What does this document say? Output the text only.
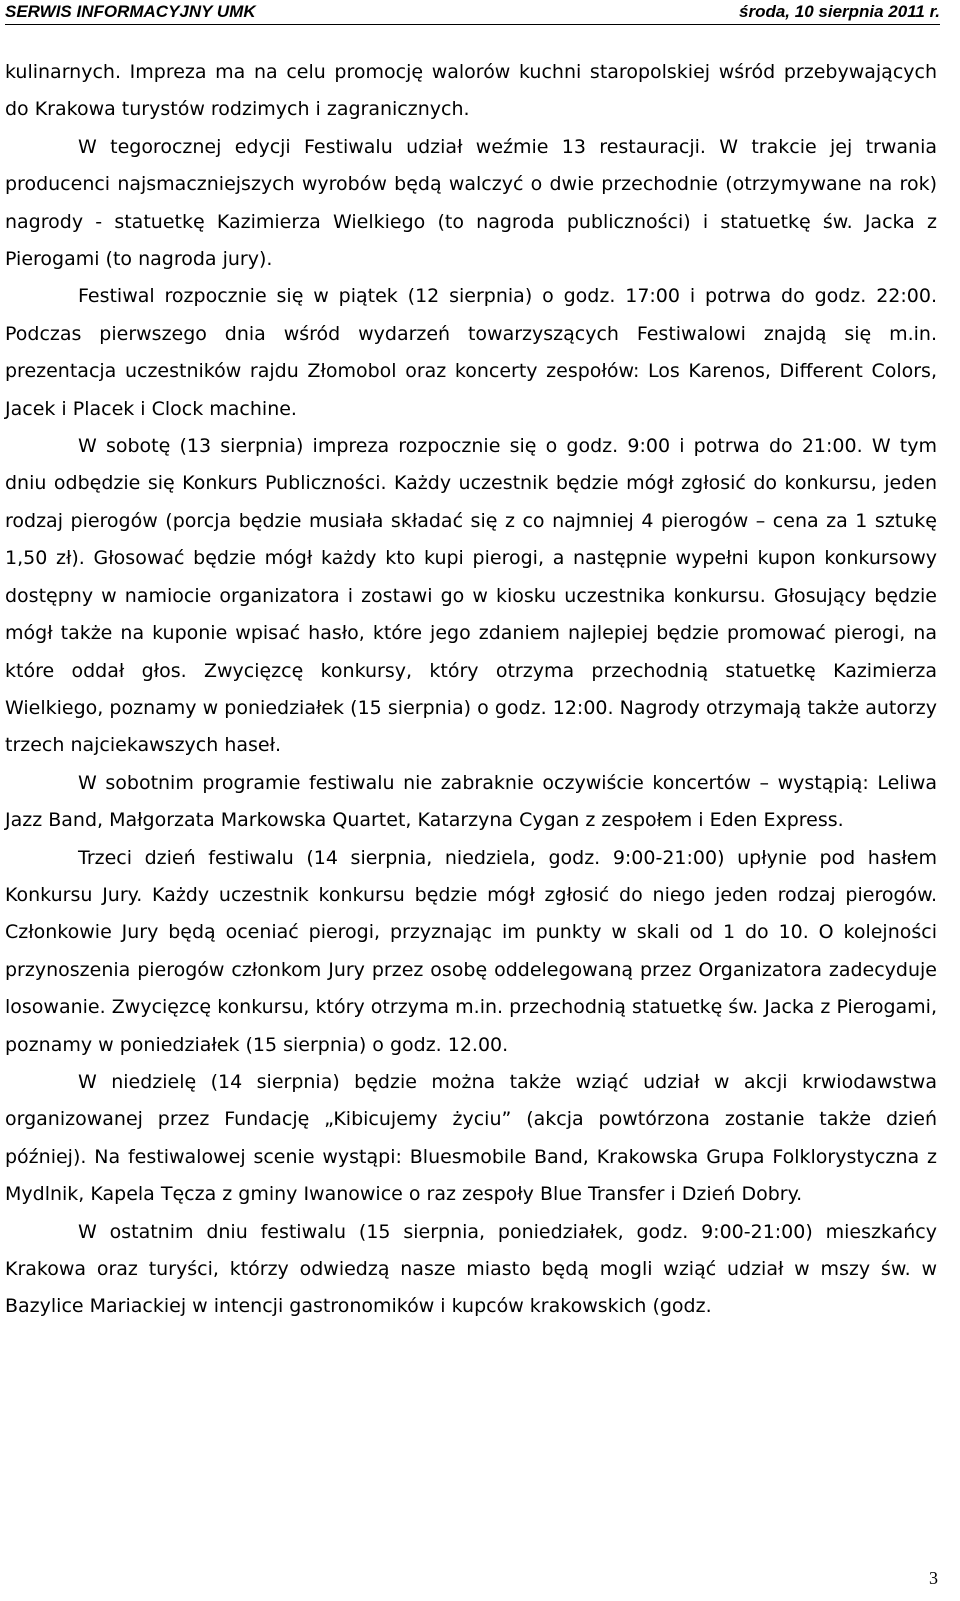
SERWIS INFORMACYJNY UMK	środa, 10 sierpnia 2011 r.

kulinarnych. Impreza ma na celu promocję walorów kuchni staropolskiej wśród przebywających do Krakowa turystów rodzimych i zagranicznych.

W tegorocznej edycji Festiwalu udział weźmie 13 restauracji. W trakcie jej trwania producenci najsmaczniejszych wyrobów będą walczyć o dwie przechodnie (otrzymywane na rok) nagrody - statuetkę Kazimierza Wielkiego (to nagroda publiczności) i statuetkę św. Jacka z Pierogami (to nagroda jury).

Festiwal rozpocznie się w piątek (12 sierpnia) o godz. 17:00 i potrwa do godz. 22:00. Podczas pierwszego dnia wśród wydarzeń towarzyszących Festiwalowi znajdą się m.in. prezentacja uczestników rajdu Złomobol oraz koncerty zespołów: Los Karenos, Different Colors, Jacek i Placek i Clock machine.

W sobotę (13 sierpnia) impreza rozpocznie się o godz. 9:00 i potrwa do 21:00. W tym dniu odbędzie się Konkurs Publiczności. Każdy uczestnik będzie mógł zgłosić do konkursu, jeden rodzaj pierogów (porcja będzie musiała składać się z co najmniej 4 pierogów – cena za 1 sztukę 1,50 zł). Głosować będzie mógł każdy kto kupi pierogi, a następnie wypełni kupon konkursowy dostępny w namiocie organizatora i zostawi go w kiosku uczestnika konkursu. Głosujący będzie mógł także na kuponie wpisać hasło, które jego zdaniem najlepiej będzie promować pierogi, na które oddał głos. Zwycięzcę konkursy, który otrzyma przechodnią statuetkę Kazimierza Wielkiego, poznamy w poniedziałek (15 sierpnia) o godz. 12:00. Nagrody otrzymają także autorzy trzech najciekawszych haseł.

W sobotnim programie festiwalu nie zabraknie oczywiście koncertów – wystąpią: Leliwa Jazz Band, Małgorzata Markowska Quartet, Katarzyna Cygan z zespołem i Eden Express.

Trzeci dzień festiwalu (14 sierpnia, niedziela, godz. 9:00-21:00) upłynie pod hasłem Konkursu Jury. Każdy uczestnik konkursu będzie mógł zgłosić do niego jeden rodzaj pierogów. Członkowie Jury będą oceniać pierogi, przyznając im punkty w skali od 1 do 10. O kolejności przynoszenia pierogów członkom Jury przez osobę oddelegowaną przez Organizatora zadecyduje losowanie. Zwycięzcę konkursu, który otrzyma m.in. przechodnią statuetkę św. Jacka z Pierogami, poznamy w poniedziałek (15 sierpnia) o godz. 12.00.

W niedzielę (14 sierpnia) będzie można także wziąć udział w akcji krwiodawstwa organizowanej przez Fundację „Kibicujemy życiu” (akcja powtórzona zostanie także dzień później). Na festiwalowej scenie wystąpi: Bluesmobile Band, Krakowska Grupa Folklorystyczna z Mydlnik, Kapela Tęcza z gminy Iwanowice o raz zespoły Blue Transfer i Dzień Dobry.

W ostatnim dniu festiwalu (15 sierpnia, poniedziałek, godz. 9:00-21:00) mieszkańcy Krakowa oraz turyści, którzy odwiedzą nasze miasto będą mogli wziąć udział w mszy św. w Bazylice Mariackiej w intencji gastronomików i kupców krakowskich (godz.

3
